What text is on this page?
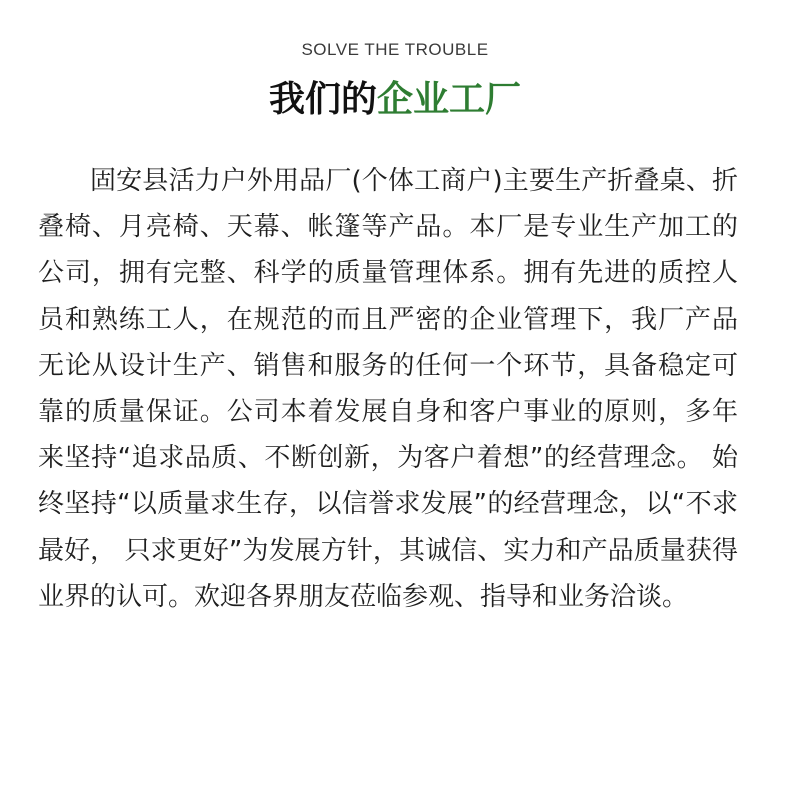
SOLVE THE TROUBLE
我们的企业工厂

固安县活力户外用品厂(个体工商户)主要生产折叠桌、折叠椅、月亮椅、天幕、帐篷等产品。本厂是专业生产加工的公司，拥有完整、科学的质量管理体系。拥有先进的质控人员和熟练工人，在规范的而且严密的企业管理下，我厂产品无论从设计生产、销售和服务的任何一个环节，具备稳定可靠的质量保证。公司本着发展自身和客户事业的原则，多年来坚持“追求品质、不断创新，为客户着想”的经营理念。 始终坚持“以质量求生存，以信誉求发展”的经营理念，以“不求最好， 只求更好”为发展方针，其诚信、实力和产品质量获得业界的认可。欢迎各界朋友莅临参观、指导和业务洽谈。
